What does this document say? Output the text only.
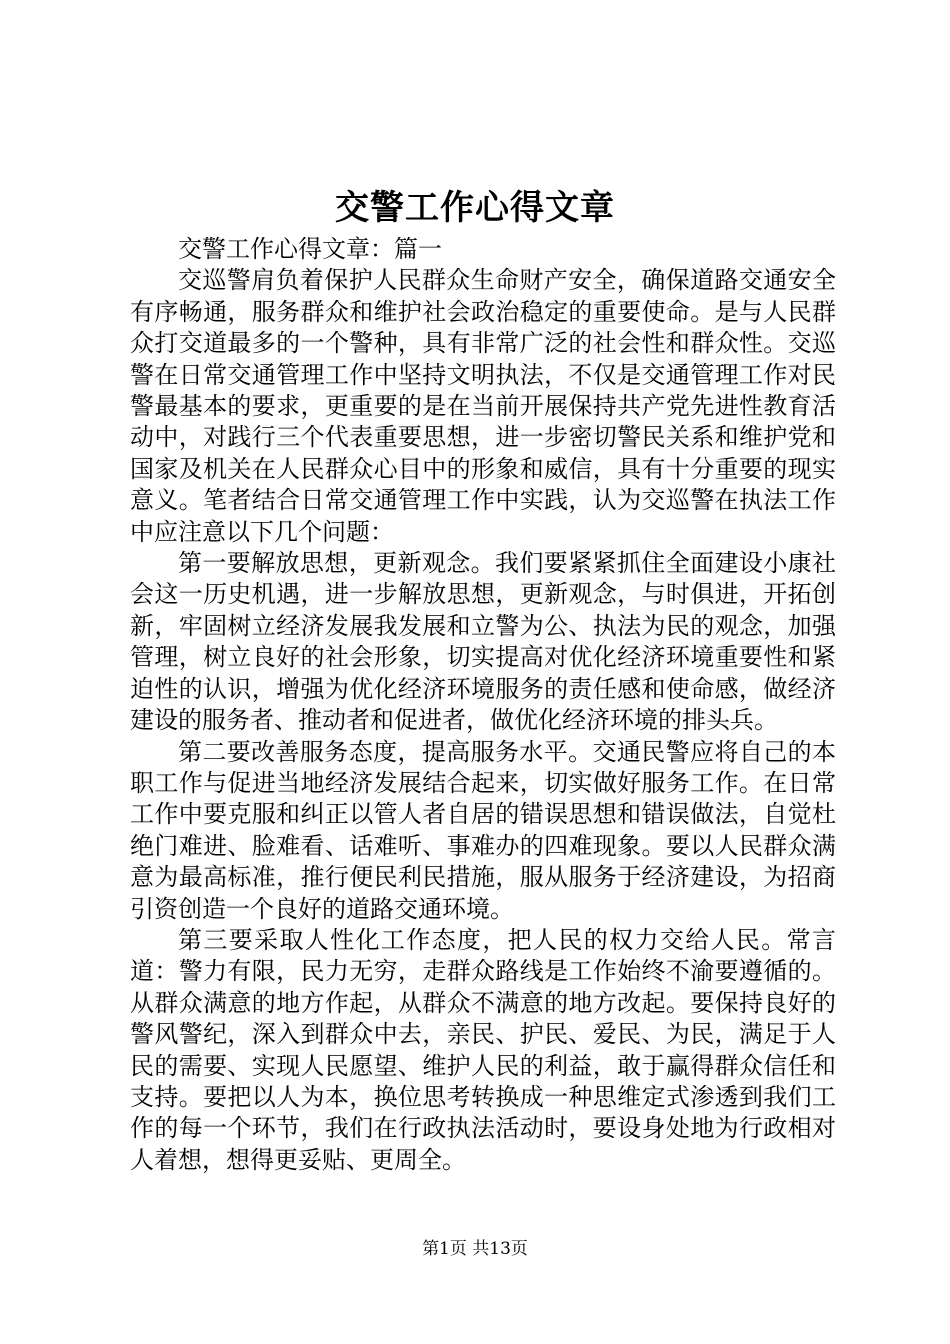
交警工作心得文章

交警工作心得文章：篇一

交巡警肩负着保护人民群众生命财产安全，确保道路交通安全有序畅通，服务群众和维护社会政治稳定的重要使命。是与人民群众打交道最多的一个警种，具有非常广泛的社会性和群众性。交巡警在日常交通管理工作中坚持文明执法，不仅是交通管理工作对民警最基本的要求，更重要的是在当前开展保持共产党先进性教育活动中，对践行三个代表重要思想，进一步密切警民关系和维护党和国家及机关在人民群众心目中的形象和威信，具有十分重要的现实意义。笔者结合日常交通管理工作中实践，认为交巡警在执法工作中应注意以下几个问题：

第一要解放思想，更新观念。我们要紧紧抓住全面建设小康社会这一历史机遇，进一步解放思想，更新观念，与时俱进，开拓创新，牢固树立经济发展我发展和立警为公、执法为民的观念，加强管理，树立良好的社会形象，切实提高对优化经济环境重要性和紧迫性的认识，增强为优化经济环境服务的责任感和使命感，做经济建设的服务者、推动者和促进者，做优化经济环境的排头兵。

第二要改善服务态度，提高服务水平。交通民警应将自己的本职工作与促进当地经济发展结合起来，切实做好服务工作。在日常工作中要克服和纠正以管人者自居的错误思想和错误做法，自觉杜绝门难进、脸难看、话难听、事难办的四难现象。要以人民群众满意为最高标准，推行便民利民措施，服从服务于经济建设，为招商引资创造一个良好的道路交通环境。

第三要采取人性化工作态度，把人民的权力交给人民。常言道：警力有限，民力无穷，走群众路线是工作始终不渝要遵循的。从群众满意的地方作起，从群众不满意的地方改起。要保持良好的警风警纪，深入到群众中去，亲民、护民、爱民、为民，满足于人民的需要、实现人民愿望、维护人民的利益，敢于赢得群众信任和支持。要把以人为本，换位思考转换成一种思维定式渗透到我们工作的每一个环节，我们在行政执法活动时，要设身处地为行政相对人着想，想得更妥贴、更周全。

第1页 共13页
